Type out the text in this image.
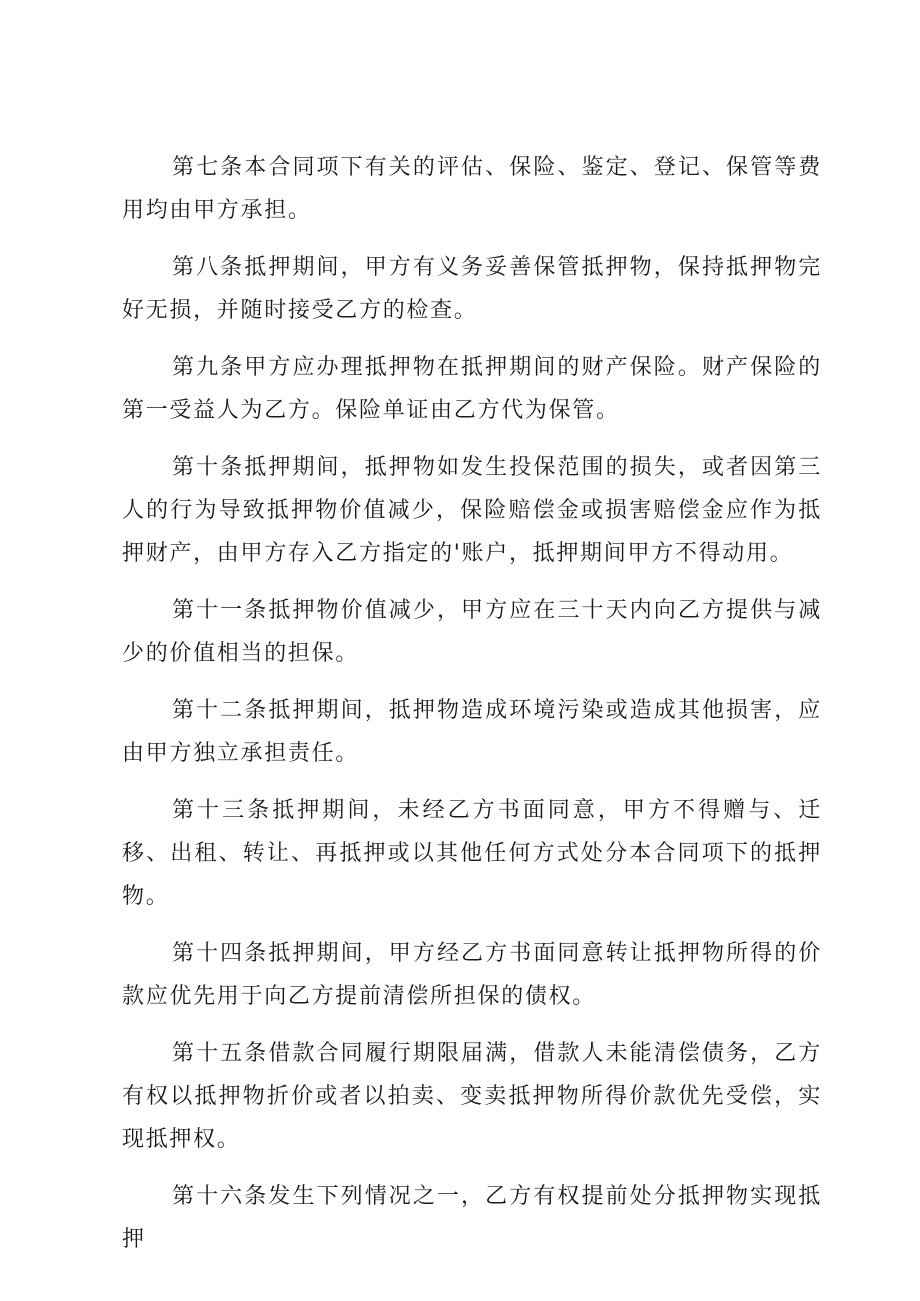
第七条本合同项下有关的评估、保险、鉴定、登记、保管等费用均由甲方承担。

第八条抵押期间，甲方有义务妥善保管抵押物，保持抵押物完好无损，并随时接受乙方的检查。

第九条甲方应办理抵押物在抵押期间的财产保险。财产保险的第一受益人为乙方。保险单证由乙方代为保管。

第十条抵押期间，抵押物如发生投保范围的损失，或者因第三人的行为导致抵押物价值减少，保险赔偿金或损害赔偿金应作为抵押财产，由甲方存入乙方指定的'账户，抵押期间甲方不得动用。

第十一条抵押物价值减少，甲方应在三十天内向乙方提供与减少的价值相当的担保。

第十二条抵押期间，抵押物造成环境污染或造成其他损害，应由甲方独立承担责任。

第十三条抵押期间，未经乙方书面同意，甲方不得赠与、迁移、出租、转让、再抵押或以其他任何方式处分本合同项下的抵押物。

第十四条抵押期间，甲方经乙方书面同意转让抵押物所得的价款应优先用于向乙方提前清偿所担保的债权。

第十五条借款合同履行期限届满，借款人未能清偿债务，乙方有权以抵押物折价或者以拍卖、变卖抵押物所得价款优先受偿，实现抵押权。

第十六条发生下列情况之一，乙方有权提前处分抵押物实现抵押
